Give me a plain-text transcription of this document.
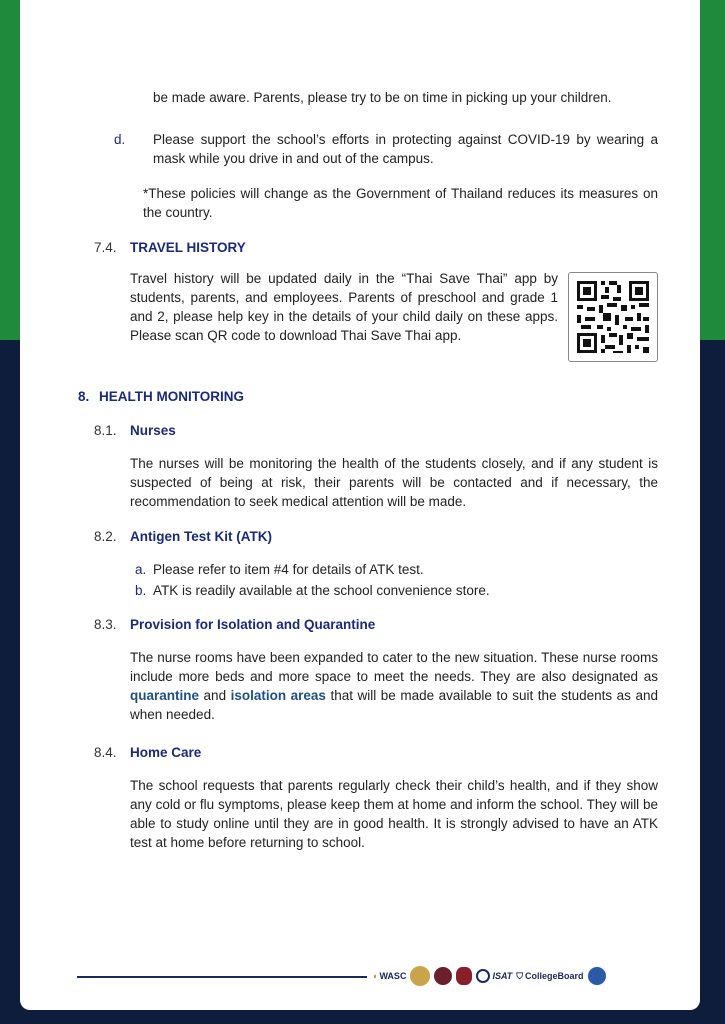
be made aware. Parents, please try to be on time in picking up your children.

d. Please support the school’s efforts in protecting against COVID-19 by wearing a mask while you drive in and out of the campus.

*These policies will change as the Government of Thailand reduces its measures on the country.

7.4. TRAVEL HISTORY

Travel history will be updated daily in the “Thai Save Thai” app by students, parents, and employees. Parents of preschool and grade 1 and 2, please help key in the details of your child daily on these apps. Please scan QR code to download Thai Save Thai app.

8. HEALTH MONITORING
8.1. Nurses

The nurses will be monitoring the health of the students closely, and if any student is suspected of being at risk, their parents will be contacted and if necessary, the recommendation to seek medical attention will be made.

8.2. Antigen Test Kit (ATK)
a. Please refer to item #4 for details of ATK test.
b. ATK is readily available at the school convenience store.
8.3. Provision for Isolation and Quarantine

The nurse rooms have been expanded to cater to the new situation. These nurse rooms include more beds and more space to meet the needs. They are also designated as quarantine and isolation areas that will be made available to suit the students as and when needed.

8.4. Home Care

The school requests that parents regularly check their child’s health, and if they show any cold or flu symptoms, please keep them at home and inform the school. They will be able to study online until they are in good health. It is strongly advised to have an ATK test at home before returning to school.

◖ WASC	ISAT ⛉ CollegeBoard
